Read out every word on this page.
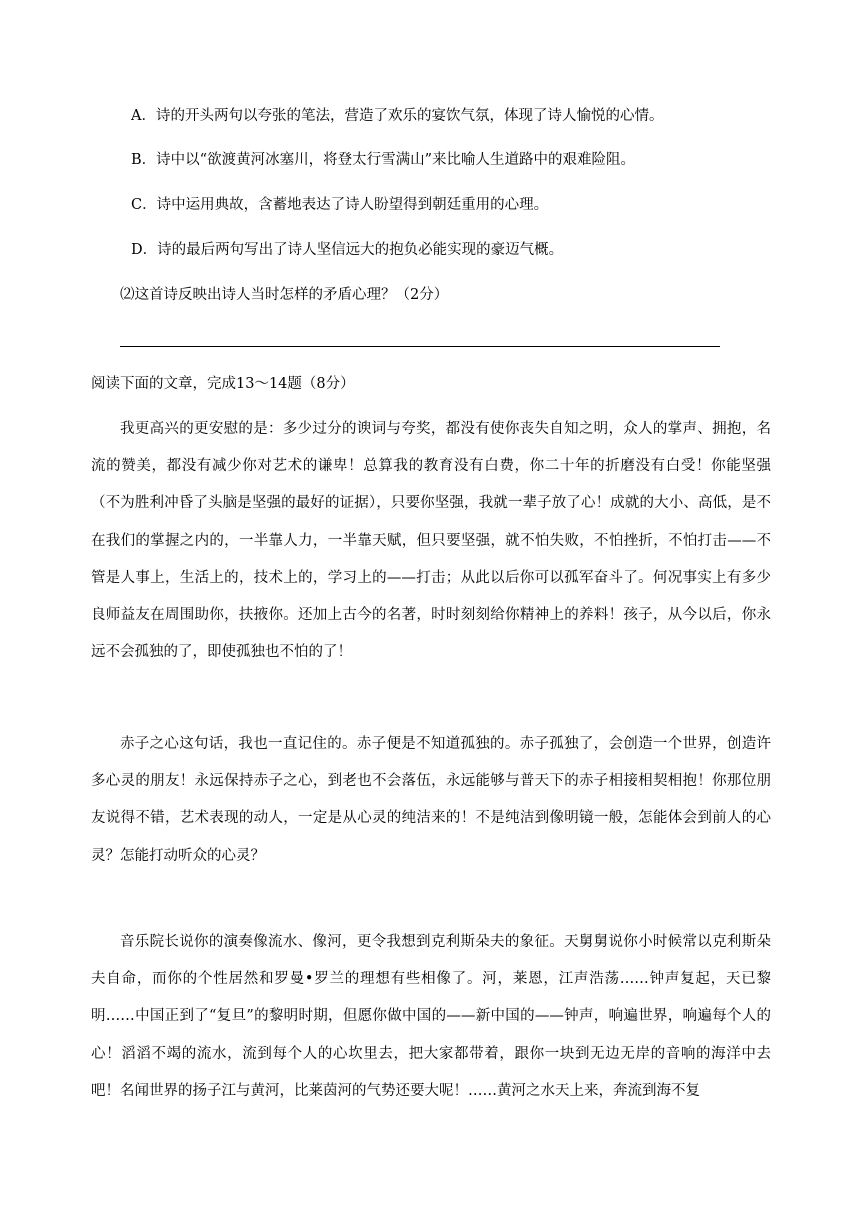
A．诗的开头两句以夸张的笔法，营造了欢乐的宴饮气氛，体现了诗人愉悦的心情。
B．诗中以“欲渡黄河冰塞川，将登太行雪满山”来比喻人生道路中的艰难险阻。
C．诗中运用典故，含蓄地表达了诗人盼望得到朝廷重用的心理。
D．诗的最后两句写出了诗人坚信远大的抱负必能实现的豪迈气概。
⑵这首诗反映出诗人当时怎样的矛盾心理？（2分）
阅读下面的文章，完成13～14题（8分）

我更高兴的更安慰的是：多少过分的谀词与夸奖，都没有使你丧失自知之明，众人的掌声、拥抱，名流的赞美，都没有减少你对艺术的谦卑！总算我的教育没有白费，你二十年的折磨没有白受！你能坚强（不为胜利冲昏了头脑是坚强的最好的证据），只要你坚强，我就一辈子放了心！成就的大小、高低，是不在我们的掌握之内的，一半靠人力，一半靠天赋，但只要坚强，就不怕失败，不怕挫折，不怕打击——不管是人事上，生活上的，技术上的，学习上的——打击；从此以后你可以孤军奋斗了。何况事实上有多少良师益友在周围助你，扶掖你。还加上古今的名著，时时刻刻给你精神上的养料！孩子，从今以后，你永远不会孤独的了，即使孤独也不怕的了！

赤子之心这句话，我也一直记住的。赤子便是不知道孤独的。赤子孤独了，会创造一个世界，创造许多心灵的朋友！永远保持赤子之心，到老也不会落伍，永远能够与普天下的赤子相接相契相抱！你那位朋友说得不错，艺术表现的动人，一定是从心灵的纯洁来的！不是纯洁到像明镜一般，怎能体会到前人的心灵？怎能打动听众的心灵？

音乐院长说你的演奏像流水、像河，更令我想到克利斯朵夫的象征。天舅舅说你小时候常以克利斯朵夫自命，而你的个性居然和罗曼•罗兰的理想有些相像了。河，莱恩，江声浩荡……钟声复起，天已黎明……中国正到了“复旦”的黎明时期，但愿你做中国的——新中国的——钟声，响遍世界，响遍每个人的心！滔滔不竭的流水，流到每个人的心坎里去，把大家都带着，跟你一块到无边无岸的音响的海洋中去吧！名闻世界的扬子江与黄河，比莱茵河的气势还要大呢！……黄河之水天上来，奔流到海不复
